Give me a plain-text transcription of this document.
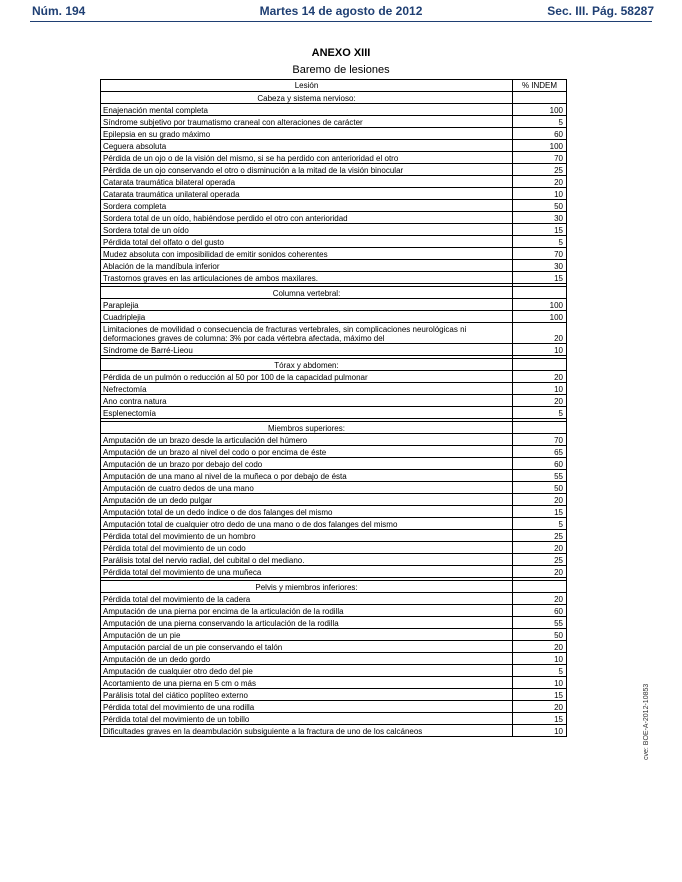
Núm. 194	Martes 14 de agosto de 2012	Sec. III. Pág. 58287
ANEXO XIII
Baremo de lesiones
Lesión	% INDEM
Cabeza y sistema nervioso:	
Enajenación mental completa	100
Síndrome subjetivo por traumatismo craneal con alteraciones de carácter	5
Epilepsia en su grado máximo	60
Ceguera absoluta	100
Pérdida de un ojo o de la visión del mismo, si se ha perdido con anterioridad el otro	70
Pérdida de un ojo conservando el otro o disminución a la mitad de la visión binocular	25
Catarata traumática bilateral operada	20
Catarata traumática unilateral operada	10
Sordera completa	50
Sordera total de un oído, habiéndose perdido el otro con anterioridad	30
Sordera total de un oído	15
Pérdida total del olfato o del gusto	5
Mudez absoluta con imposibilidad de emitir sonidos coherentes	70
Ablación de la mandíbula inferior	30
Trastornos graves en las articulaciones de ambos maxilares.	15

Columna vertebral:	
Paraplejia	100
Cuadriplejia	100
Limitaciones de movilidad o consecuencia de fracturas vertebrales, sin complicaciones neurológicas ni deformaciones graves de columna: 3% por cada vértebra afectada, máximo del	20
Síndrome de Barré-Lieou	10

Tórax y abdomen:	
Pérdida de un pulmón o reducción al 50 por 100 de la capacidad pulmonar	20
Nefrectomía	10
Ano contra natura	20
Esplenectomía	5

Miembros superiores:	
Amputación de un brazo desde la articulación del húmero	70
Amputación de un brazo al nivel del codo o por encima de éste	65
Amputación de un brazo por debajo del codo	60
Amputación de una mano al nivel de la muñeca o por debajo de ésta	55
Amputación de cuatro dedos de una mano	50
Amputación de un dedo pulgar	20
Amputación total de un dedo índice o de dos falanges del mismo	15
Amputación total de cualquier otro dedo de una mano o de dos falanges del mismo	5
Pérdida total del movimiento de un hombro	25
Pérdida total del movimiento de un codo	20
Parálisis total del nervio radial, del cubital o del mediano.	25
Pérdida total del movimiento de una muñeca	20

Pelvis y miembros inferiores:	
Pérdida total del movimiento de la cadera	20
Amputación de una pierna por encima de la articulación de la rodilla	60
Amputación de una pierna conservando la articulación de la rodilla	55
Amputación de un pie	50
Amputación parcial de un pie conservando el talón	20
Amputación de un dedo gordo	10
Amputación de cualquier otro dedo del pie	5
Acortamiento de una pierna en 5 cm o más	10
Parálisis total del ciático poplíteo externo	15
Pérdida total del movimiento de una rodilla	20
Pérdida total del movimiento de un tobillo	15
Dificultades graves en la deambulación subsiguiente a la fractura de uno de los calcáneos	10	cve: BOE-A-2012-10853
